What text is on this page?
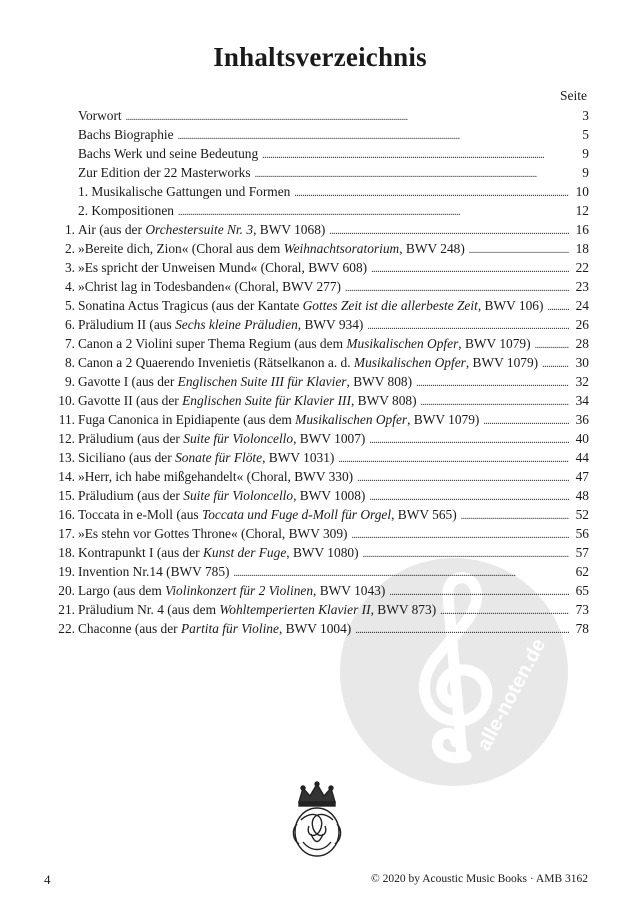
alle-noten.de
Inhaltsverzeichnis
Seite
Vorwort . . .	3
Bachs Biographie . . .	5
Bachs Werk und seine Bedeutung . . .	9
Zur Edition der 22 Masterworks . . .	9
1. Musikalische Gattungen und Formen . . .	10
2. Kompositionen . . .	12
1. Air (aus der Orchestersuite Nr. 3, BWV 1068) . . .	16
2. »Bereite dich, Zion« (Choral aus dem Weihnachtsoratorium, BWV 248) . . .	18
3. »Es spricht der Unweisen Mund« (Choral, BWV 608) . . .	22
4. »Christ lag in Todesbanden« (Choral, BWV 277) . . .	23
5. Sonatina Actus Tragicus (aus der Kantate Gottes Zeit ist die allerbeste Zeit, BWV 106) . . . 24
6. Präludium II (aus Sechs kleine Präludien, BWV 934) . . .	26
7. Canon a 2 Violini super Thema Regium (aus dem Musikalischen Opfer, BWV 1079) . . .	28
8. Canon a 2 Quaerendo Invenietis (Rätselkanon a. d. Musikalischen Opfer, BWV 1079) . . .	30
9. Gavotte I (aus der Englischen Suite III für Klavier, BWV 808) . . .	32
10. Gavotte II (aus der Englischen Suite für Klavier III, BWV 808) . . .	34
11. Fuga Canonica in Epidiapente (aus dem Musikalischen Opfer, BWV 1079) . . .	36
12. Präludium (aus der Suite für Violoncello, BWV 1007) . . .	40
13. Siciliano (aus der Sonate für Flöte, BWV 1031) . . .	44
14. »Herr, ich habe mißgehandelt« (Choral, BWV 330) . . .	47
15. Präludium (aus der Suite für Violoncello, BWV 1008) . . .	48
16. Toccata in e-Moll (aus Toccata und Fuge d-Moll für Orgel, BWV 565) . . .	52
17. »Es stehn vor Gottes Throne« (Choral, BWV 309) . . .	56
18. Kontrapunkt I (aus der Kunst der Fuge, BWV 1080) . . .	57
19. Invention Nr.14 (BWV 785) . . .	62
20. Largo (aus dem Violinkonzert für 2 Violinen, BWV 1043) . . .	65
21. Präludium Nr. 4 (aus dem Wohltemperierten Klavier II, BWV 873) . . .	73
22. Chaconne (aus der Partita für Violine, BWV 1004) . . .	78
4	© 2020 by Acoustic Music Books · AMB 3162
